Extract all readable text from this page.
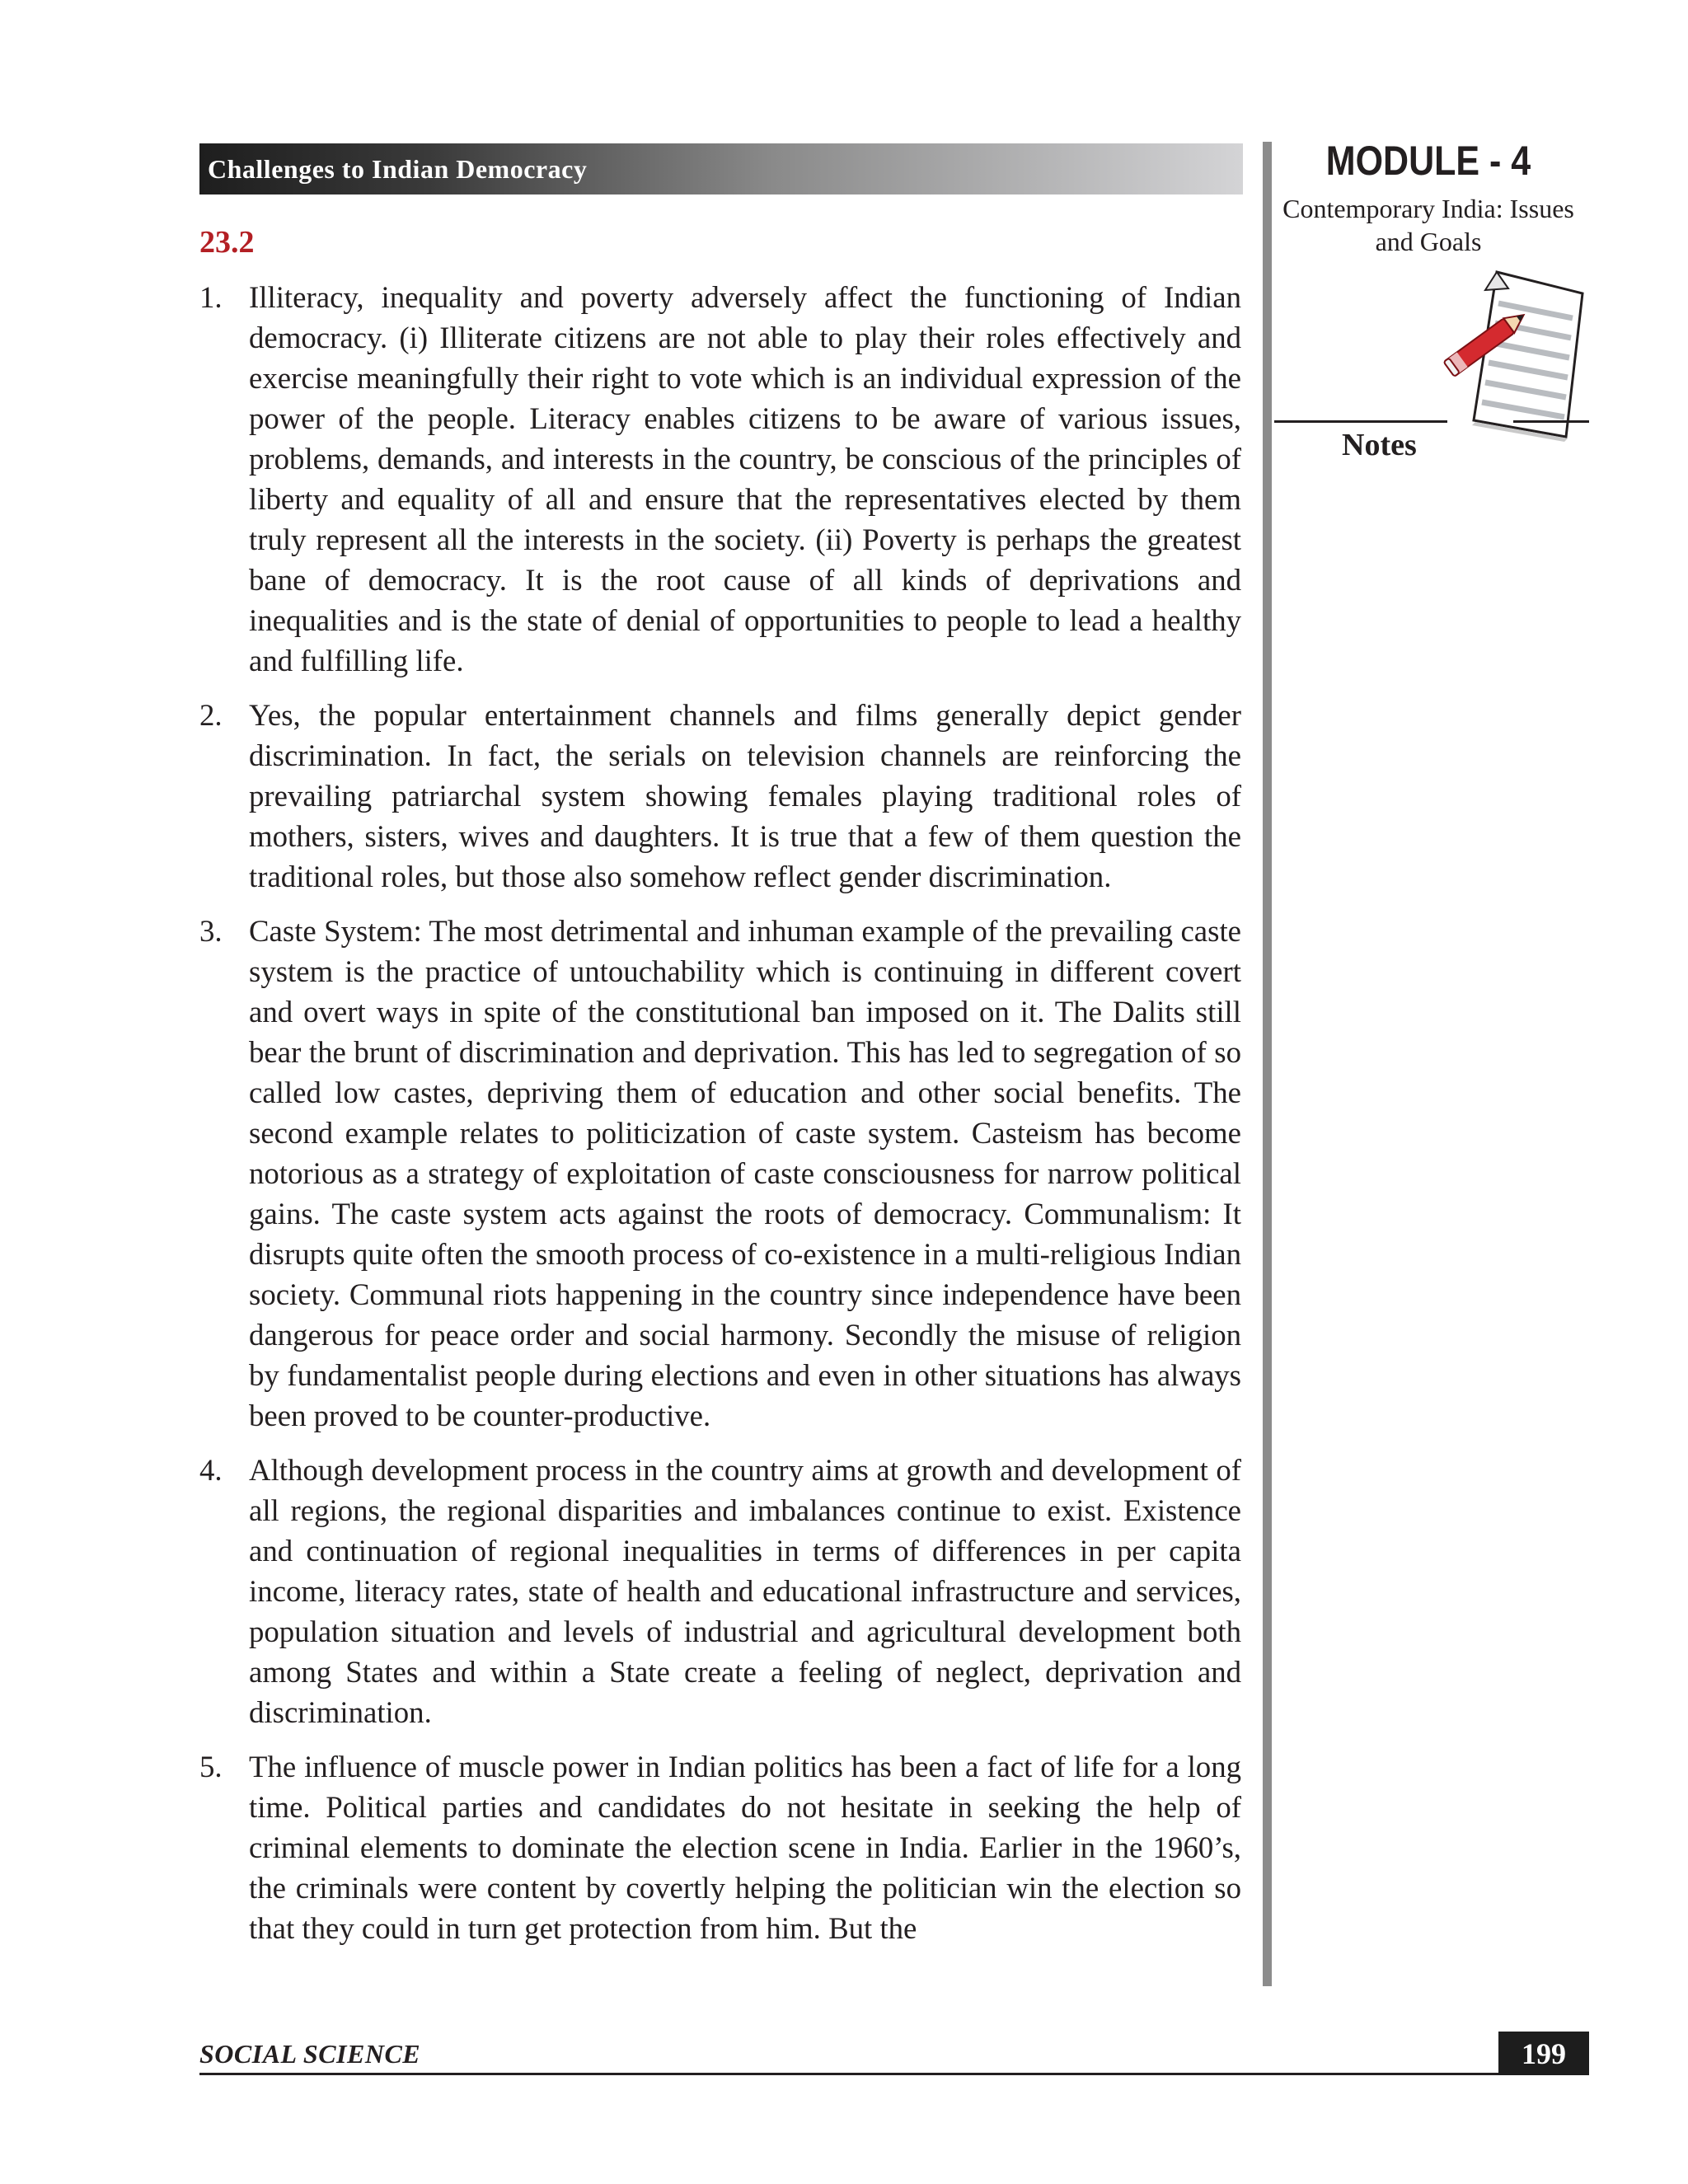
Challenges to Indian Democracy	MODULE - 4
Contemporary India: Issues
and Goals
Notes
23.2
1. Illiteracy, inequality and poverty adversely affect the functioning of Indian democracy. (i) Illiterate citizens are not able to play their roles effectively and exercise meaningfully their right to vote which is an individual expression of the power of the people. Literacy enables citizens to be aware of various issues, problems, demands, and interests in the country, be conscious of the principles of liberty and equality of all and ensure that the representatives elected by them truly represent all the interests in the society. (ii) Poverty is perhaps the greatest bane of democracy. It is the root cause of all kinds of deprivations and inequalities and is the state of denial of opportunities to people to lead a healthy and fulfilling life.
2. Yes, the popular entertainment channels and films generally depict gender discrimination. In fact, the serials on television channels are reinforcing the prevailing patriarchal system showing females playing traditional roles of mothers, sisters, wives and daughters. It is true that a few of them question the traditional roles, but those also somehow reflect gender discrimination.
3. Caste System: The most detrimental and inhuman example of the prevailing caste system is the practice of untouchability which is continuing in different covert and overt ways in spite of the constitutional ban imposed on it. The Dalits still bear the brunt of discrimination and deprivation. This has led to segregation of so called low castes, depriving them of education and other social benefits. The second example relates to politicization of caste system. Casteism has become notorious as a strategy of exploitation of caste consciousness for narrow political gains. The caste system acts against the roots of democracy. Communalism: It disrupts quite often the smooth process of co-existence in a multi-religious Indian society. Communal riots happening in the country since independence have been dangerous for peace order and social harmony. Secondly the misuse of religion by fundamentalist people during elections and even in other situations has always been proved to be counter-productive.
4. Although development process in the country aims at growth and development of all regions, the regional disparities and imbalances continue to exist. Existence and continuation of regional inequalities in terms of differences in per capita income, literacy rates, state of health and educational infrastructure and services, population situation and levels of industrial and agricultural development both among States and within a State create a feeling of neglect, deprivation and discrimination.
5. The influence of muscle power in Indian politics has been a fact of life for a long time. Political parties and candidates do not hesitate in seeking the help of criminal elements to dominate the election scene in India. Earlier in the 1960’s, the criminals were content by covertly helping the politician win the election so that they could in turn get protection from him. But the
SOCIAL SCIENCE	199
